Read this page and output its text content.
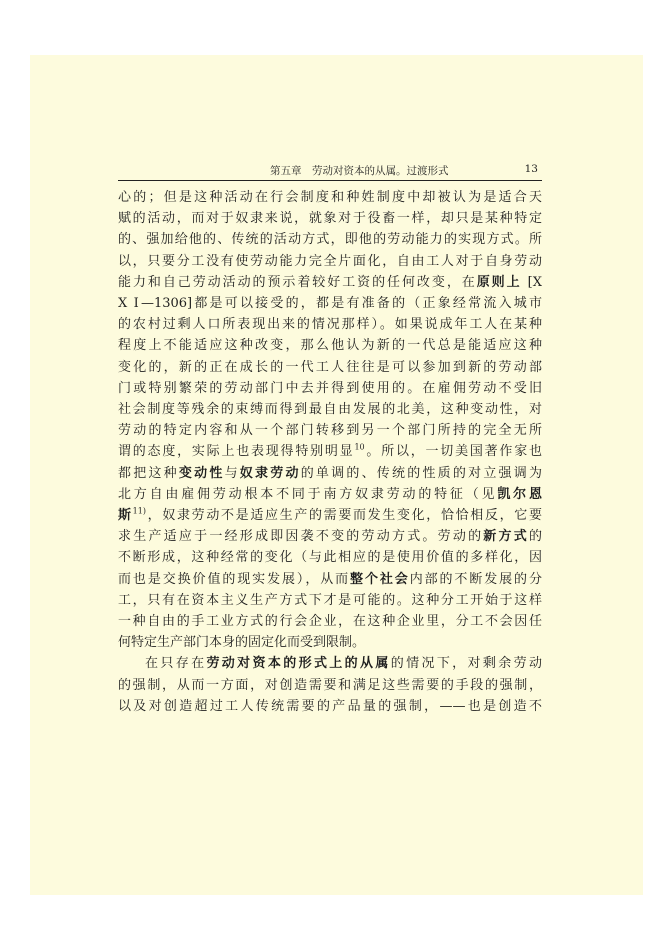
第五章　劳动对资本的从属。过渡形式	13
心的；但是这种活动在行会制度和种姓制度中却被认为是适合天
赋的活动，而对于奴隶来说，就象对于役畜一样，却只是某种特定
的、强加给他的、传统的活动方式，即他的劳动能力的实现方式。所
以，只要分工没有使劳动能力完全片面化，自由工人对于自身劳动
能力和自己劳动活动的预示着较好工资的任何改变，在原则上 [X
X Ⅰ—1306]都是可以接受的，都是有准备的（正象经常流入城市
的农村过剩人口所表现出来的情况那样）。如果说成年工人在某种
程度上不能适应这种改变，那么他认为新的一代总是能适应这种
变化的，新的正在成长的一代工人往往是可以参加到新的劳动部
门或特别繁荣的劳动部门中去并得到使用的。在雇佣劳动不受旧
社会制度等残余的束缚而得到最自由发展的北美，这种变动性，对
劳动的特定内容和从一个部门转移到另一个部门所持的完全无所
谓的态度，实际上也表现得特别明显$^{10}$。所以，一切美国著作家也
都把这种变动性与奴隶劳动的单调的、传统的性质的对立强调为
北方自由雇佣劳动根本不同于南方奴隶劳动的特征（见凯尔恩
斯$^{11)}$，奴隶劳动不是适应生产的需要而发生变化，恰恰相反，它要
求生产适应于一经形成即因袭不变的劳动方式。劳动的新方式的
不断形成，这种经常的变化（与此相应的是使用价值的多样化，因
而也是交换价值的现实发展），从而整个社会内部的不断发展的分
工，只有在资本主义生产方式下才是可能的。这种分工开始于这样
一种自由的手工业方式的行会企业，在这种企业里，分工不会因任
何特定生产部门本身的固定化而受到限制。
在只存在劳动对资本的形式上的从属的情况下，对剩余劳动
的强制，从而一方面，对创造需要和满足这些需要的手段的强制，
以及对创造超过工人传统需要的产品量的强制，——也是创造不
